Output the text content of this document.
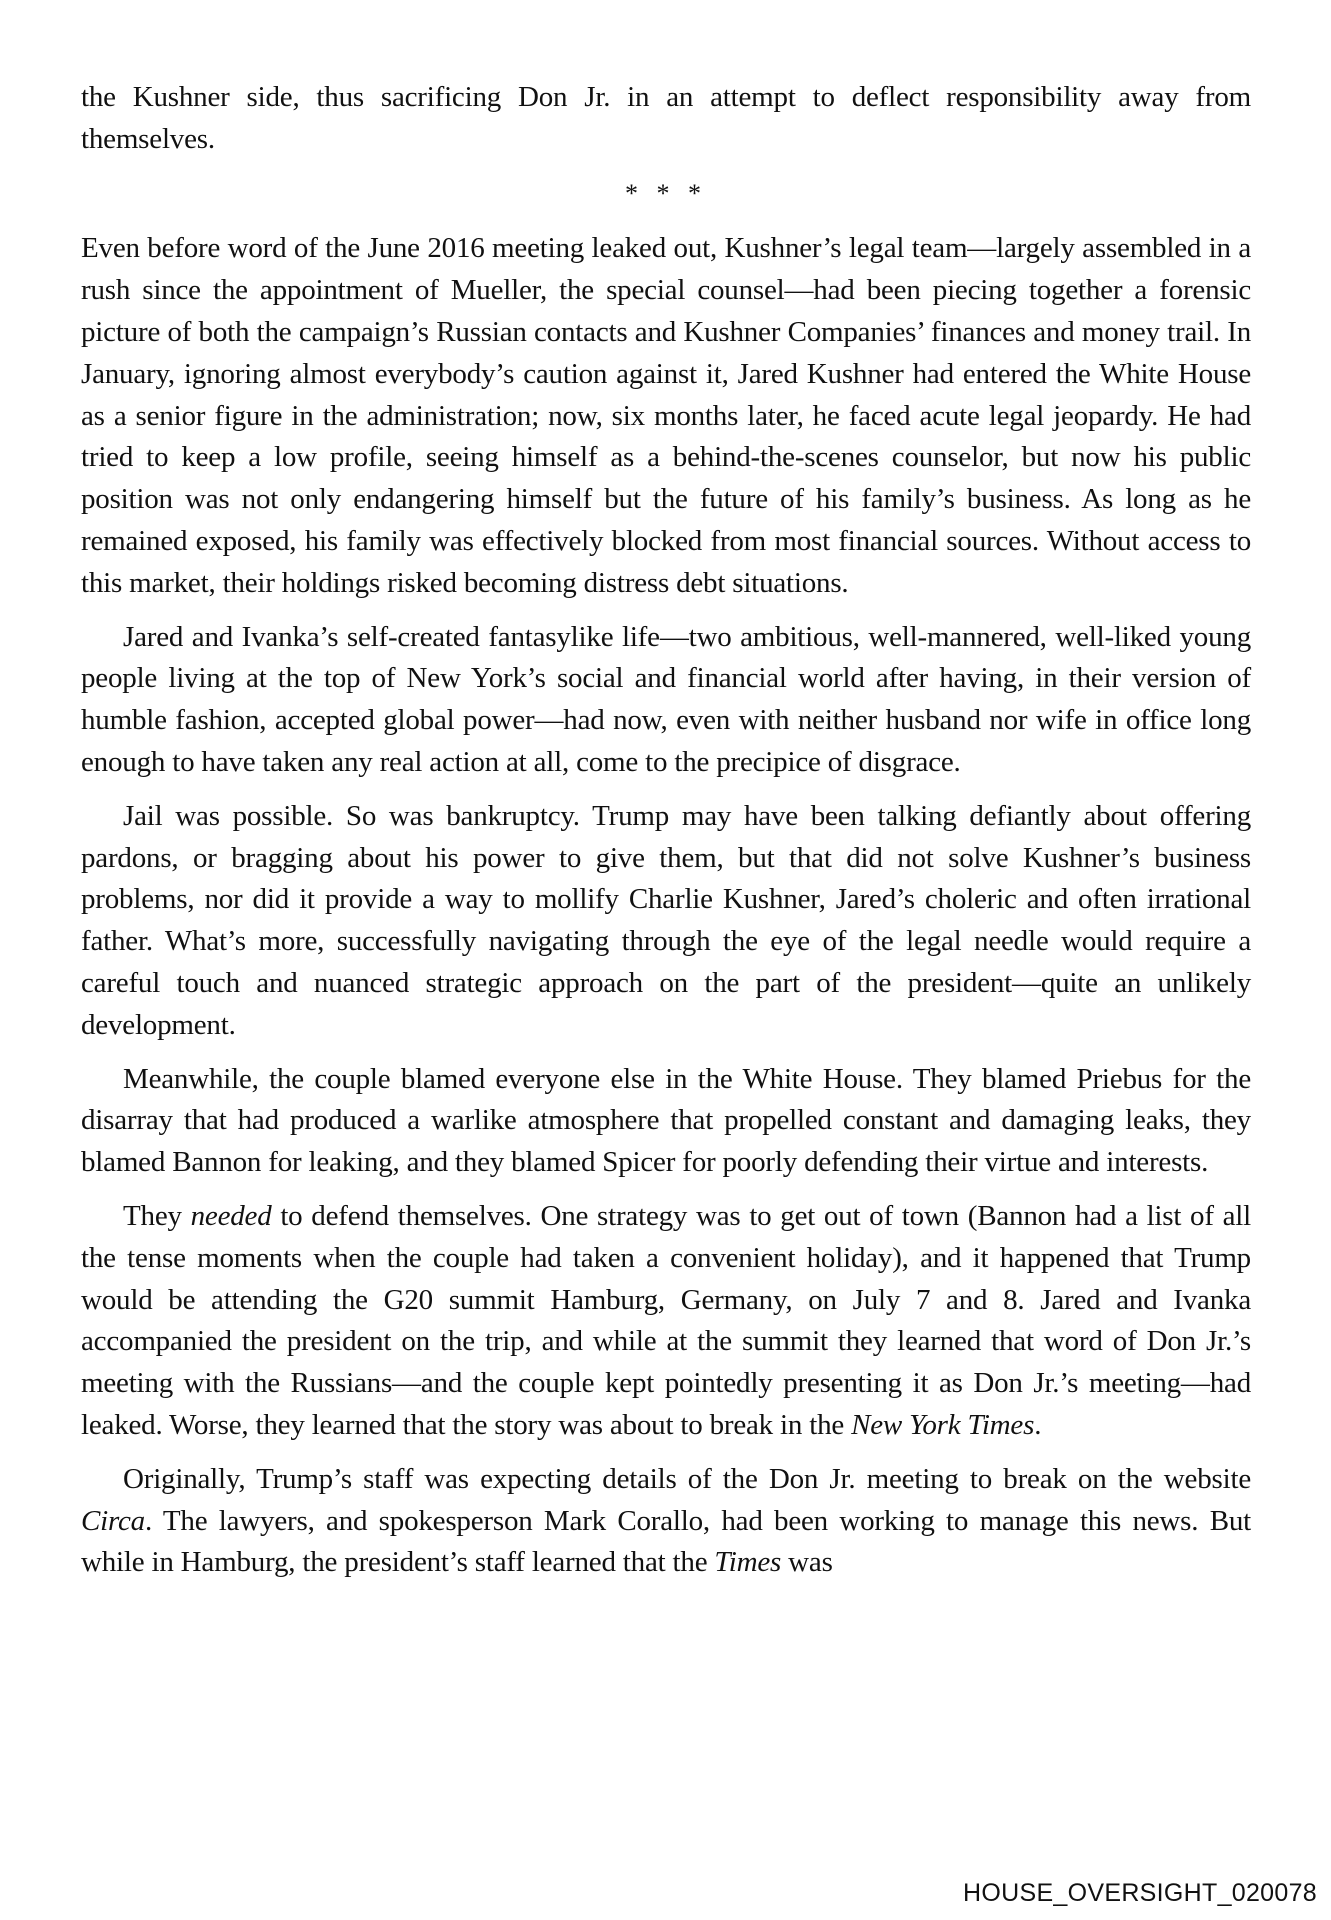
the Kushner side, thus sacrificing Don Jr. in an attempt to deflect responsibility away from themselves.

* * *

Even before word of the June 2016 meeting leaked out, Kushner’s legal team—largely assembled in a rush since the appointment of Mueller, the special counsel—had been piecing together a forensic picture of both the campaign’s Russian contacts and Kushner Companies’ finances and money trail. In January, ignoring almost everybody’s caution against it, Jared Kushner had entered the White House as a senior figure in the administration; now, six months later, he faced acute legal jeopardy. He had tried to keep a low profile, seeing himself as a behind-the-scenes counselor, but now his public position was not only endangering himself but the future of his family’s business. As long as he remained exposed, his family was effectively blocked from most financial sources. Without access to this market, their holdings risked becoming distress debt situations.

Jared and Ivanka’s self-created fantasylike life—two ambitious, well-mannered, well-liked young people living at the top of New York’s social and financial world after having, in their version of humble fashion, accepted global power—had now, even with neither husband nor wife in office long enough to have taken any real action at all, come to the precipice of disgrace.

Jail was possible. So was bankruptcy. Trump may have been talking defiantly about offering pardons, or bragging about his power to give them, but that did not solve Kushner’s business problems, nor did it provide a way to mollify Charlie Kushner, Jared’s choleric and often irrational father. What’s more, successfully navigating through the eye of the legal needle would require a careful touch and nuanced strategic approach on the part of the president—quite an unlikely development.

Meanwhile, the couple blamed everyone else in the White House. They blamed Priebus for the disarray that had produced a warlike atmosphere that propelled constant and damaging leaks, they blamed Bannon for leaking, and they blamed Spicer for poorly defending their virtue and interests.

They needed to defend themselves. One strategy was to get out of town (Bannon had a list of all the tense moments when the couple had taken a convenient holiday), and it happened that Trump would be attending the G20 summit Hamburg, Germany, on July 7 and 8. Jared and Ivanka accompanied the president on the trip, and while at the summit they learned that word of Don Jr.’s meeting with the Russians—and the couple kept pointedly presenting it as Don Jr.’s meeting—had leaked. Worse, they learned that the story was about to break in the New York Times.

Originally, Trump’s staff was expecting details of the Don Jr. meeting to break on the website Circa. The lawyers, and spokesperson Mark Corallo, had been working to manage this news. But while in Hamburg, the president’s staff learned that the Times was

HOUSE_OVERSIGHT_020078
